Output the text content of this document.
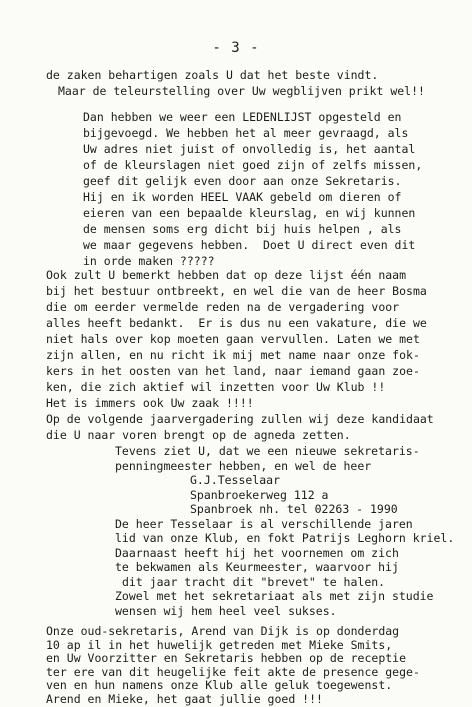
- 3 -
de zaken behartigen zoals U dat het beste vindt.
Maar de teleurstelling over Uw wegblijven prikt wel!!
Dan hebben we weer een LEDENLIJST opgesteld en
bijgevoegd. We hebben het al meer gevraagd, als
Uw adres niet juist of onvolledig is, het aantal
of de kleurslagen niet goed zijn of zelfs missen,
geef dit gelijk even door aan onze Sekretaris.
Hij en ik worden HEEL VAAK gebeld om dieren of
eieren van een bepaalde kleurslag, en wij kunnen
de mensen soms erg dicht bij huis helpen , als
we maar gegevens hebben.  Doet U direct even dit
in orde maken ?????
Ook zult U bemerkt hebben dat op deze lijst één naam
bij het bestuur ontbreekt, en wel die van de heer Bosma
die om eerder vermelde reden na de vergadering voor
alles heeft bedankt.  Er is dus nu een vakature, die we
niet hals over kop moeten gaan vervullen. Laten we met
zijn allen, en nu richt ik mij met name naar onze fok-
kers in het oosten van het land, naar iemand gaan zoe-
ken, die zich aktief wil inzetten voor Uw Klub !!
Het is immers ook Uw zaak !!!!
Op de volgende jaarvergadering zullen wij deze kandidaat
die U naar voren brengt op de agneda zetten.
Tevens ziet U, dat we een nieuwe sekretaris-
penningmeester hebben, en wel de heer
G.J.Tesselaar
Spanbroekerweg 112 a
Spanbroek nh. tel 02263 - 1990
De heer Tesselaar is al verschillende jaren
lid van onze Klub, en fokt Patrijs Leghorn kriel.
Daarnaast heeft hij het voornemen om zich
te bekwamen als Keurmeester, waarvoor hij
dit jaar tracht dit "brevet" te halen.
Zowel met het sekretariaat als met zijn studie
wensen wij hem heel veel sukses.
Onze oud-sekretaris, Arend van Dijk is op donderdag
10 ap il in het huwelijk getreden met Mieke Smits,
en Uw Voorzitter en Sekretaris hebben op de receptie
ter ere van dit heugelijke feit akte de presence gege-
ven en hun namens onze Klub alle geluk toegewenst.
Arend en Mieke, het gaat jullie goed !!!
